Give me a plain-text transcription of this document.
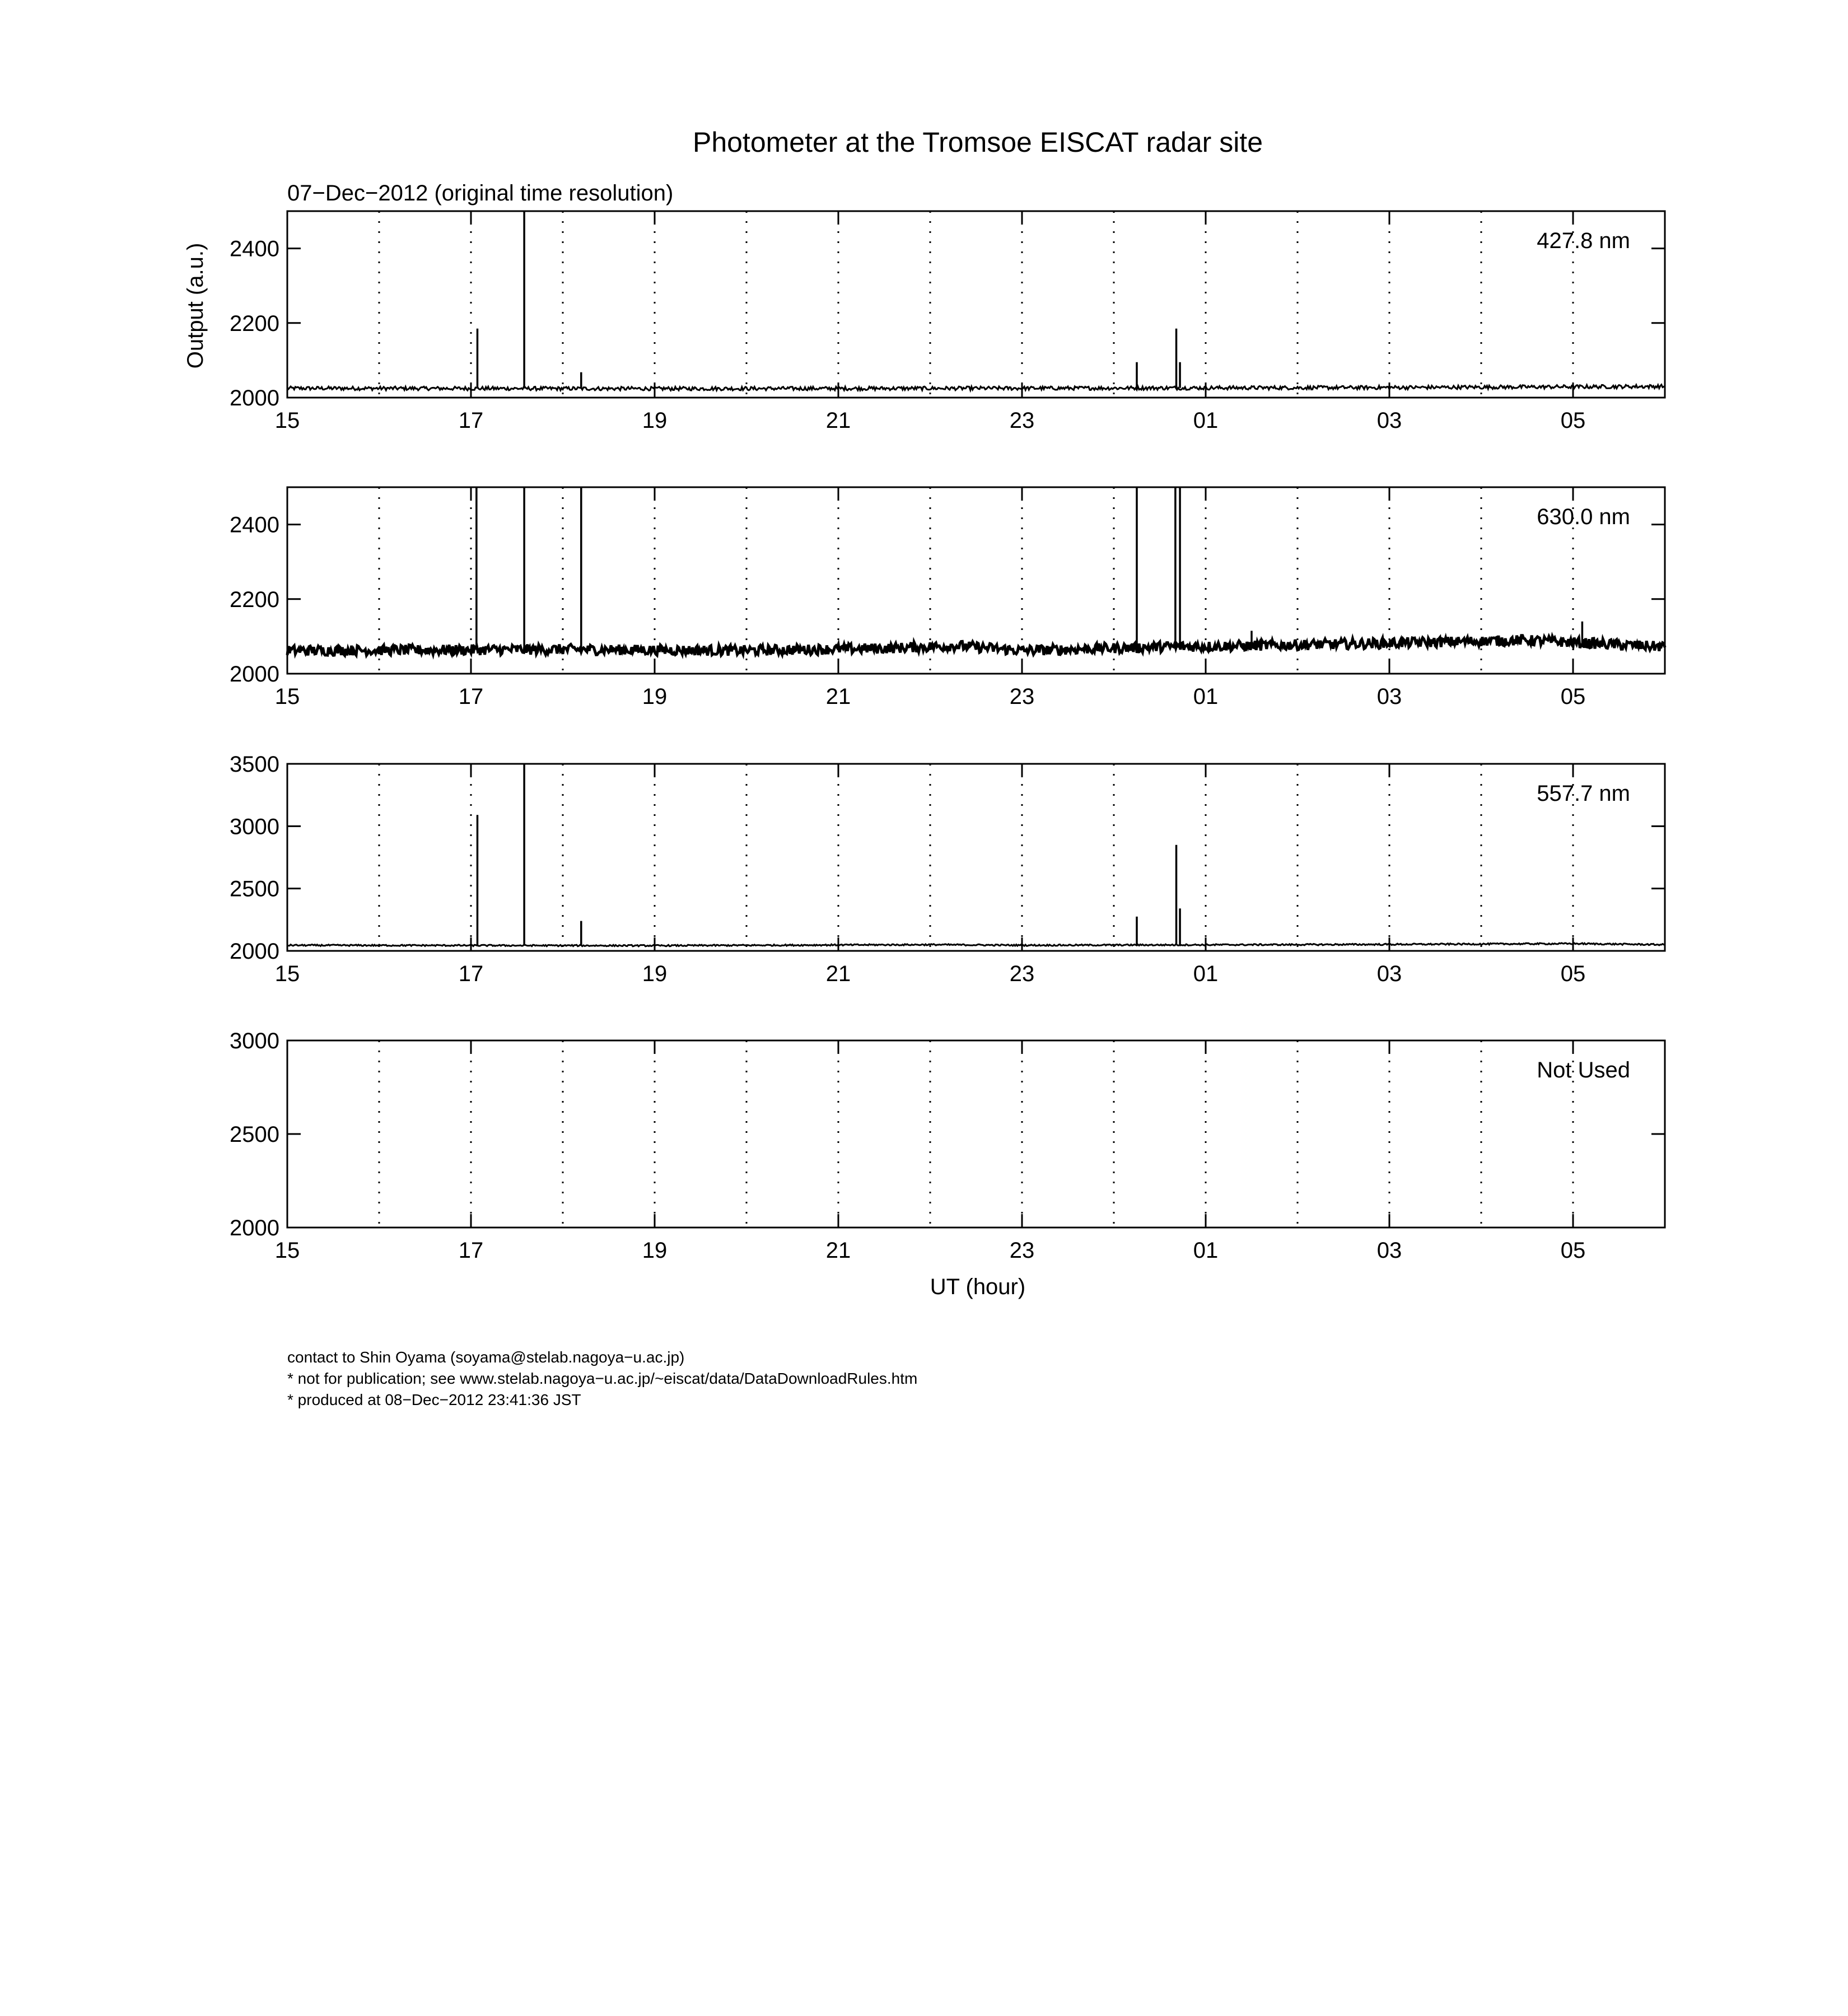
Photometer at the Tromsoe EISCAT radar site
07−Dec−2012 (original time resolution)
Output (a.u.)
UT (hour)
2000
2200
2400
15	17	19	21	23	01	03	05
427.8 nm
2000
2200
2400
15	17	19	21	23	01	03	05
630.0 nm
2000
2500
3000
3500
15	17	19	21	23	01	03	05
557.7 nm
2000
2500
3000
15	17	19	21	23	01	03	05
Not Used
contact to Shin Oyama (soyama@stelab.nagoya−u.ac.jp)
* not for publication; see www.stelab.nagoya−u.ac.jp/~eiscat/data/DataDownloadRules.htm
* produced at 08−Dec−2012 23:41:36 JST
